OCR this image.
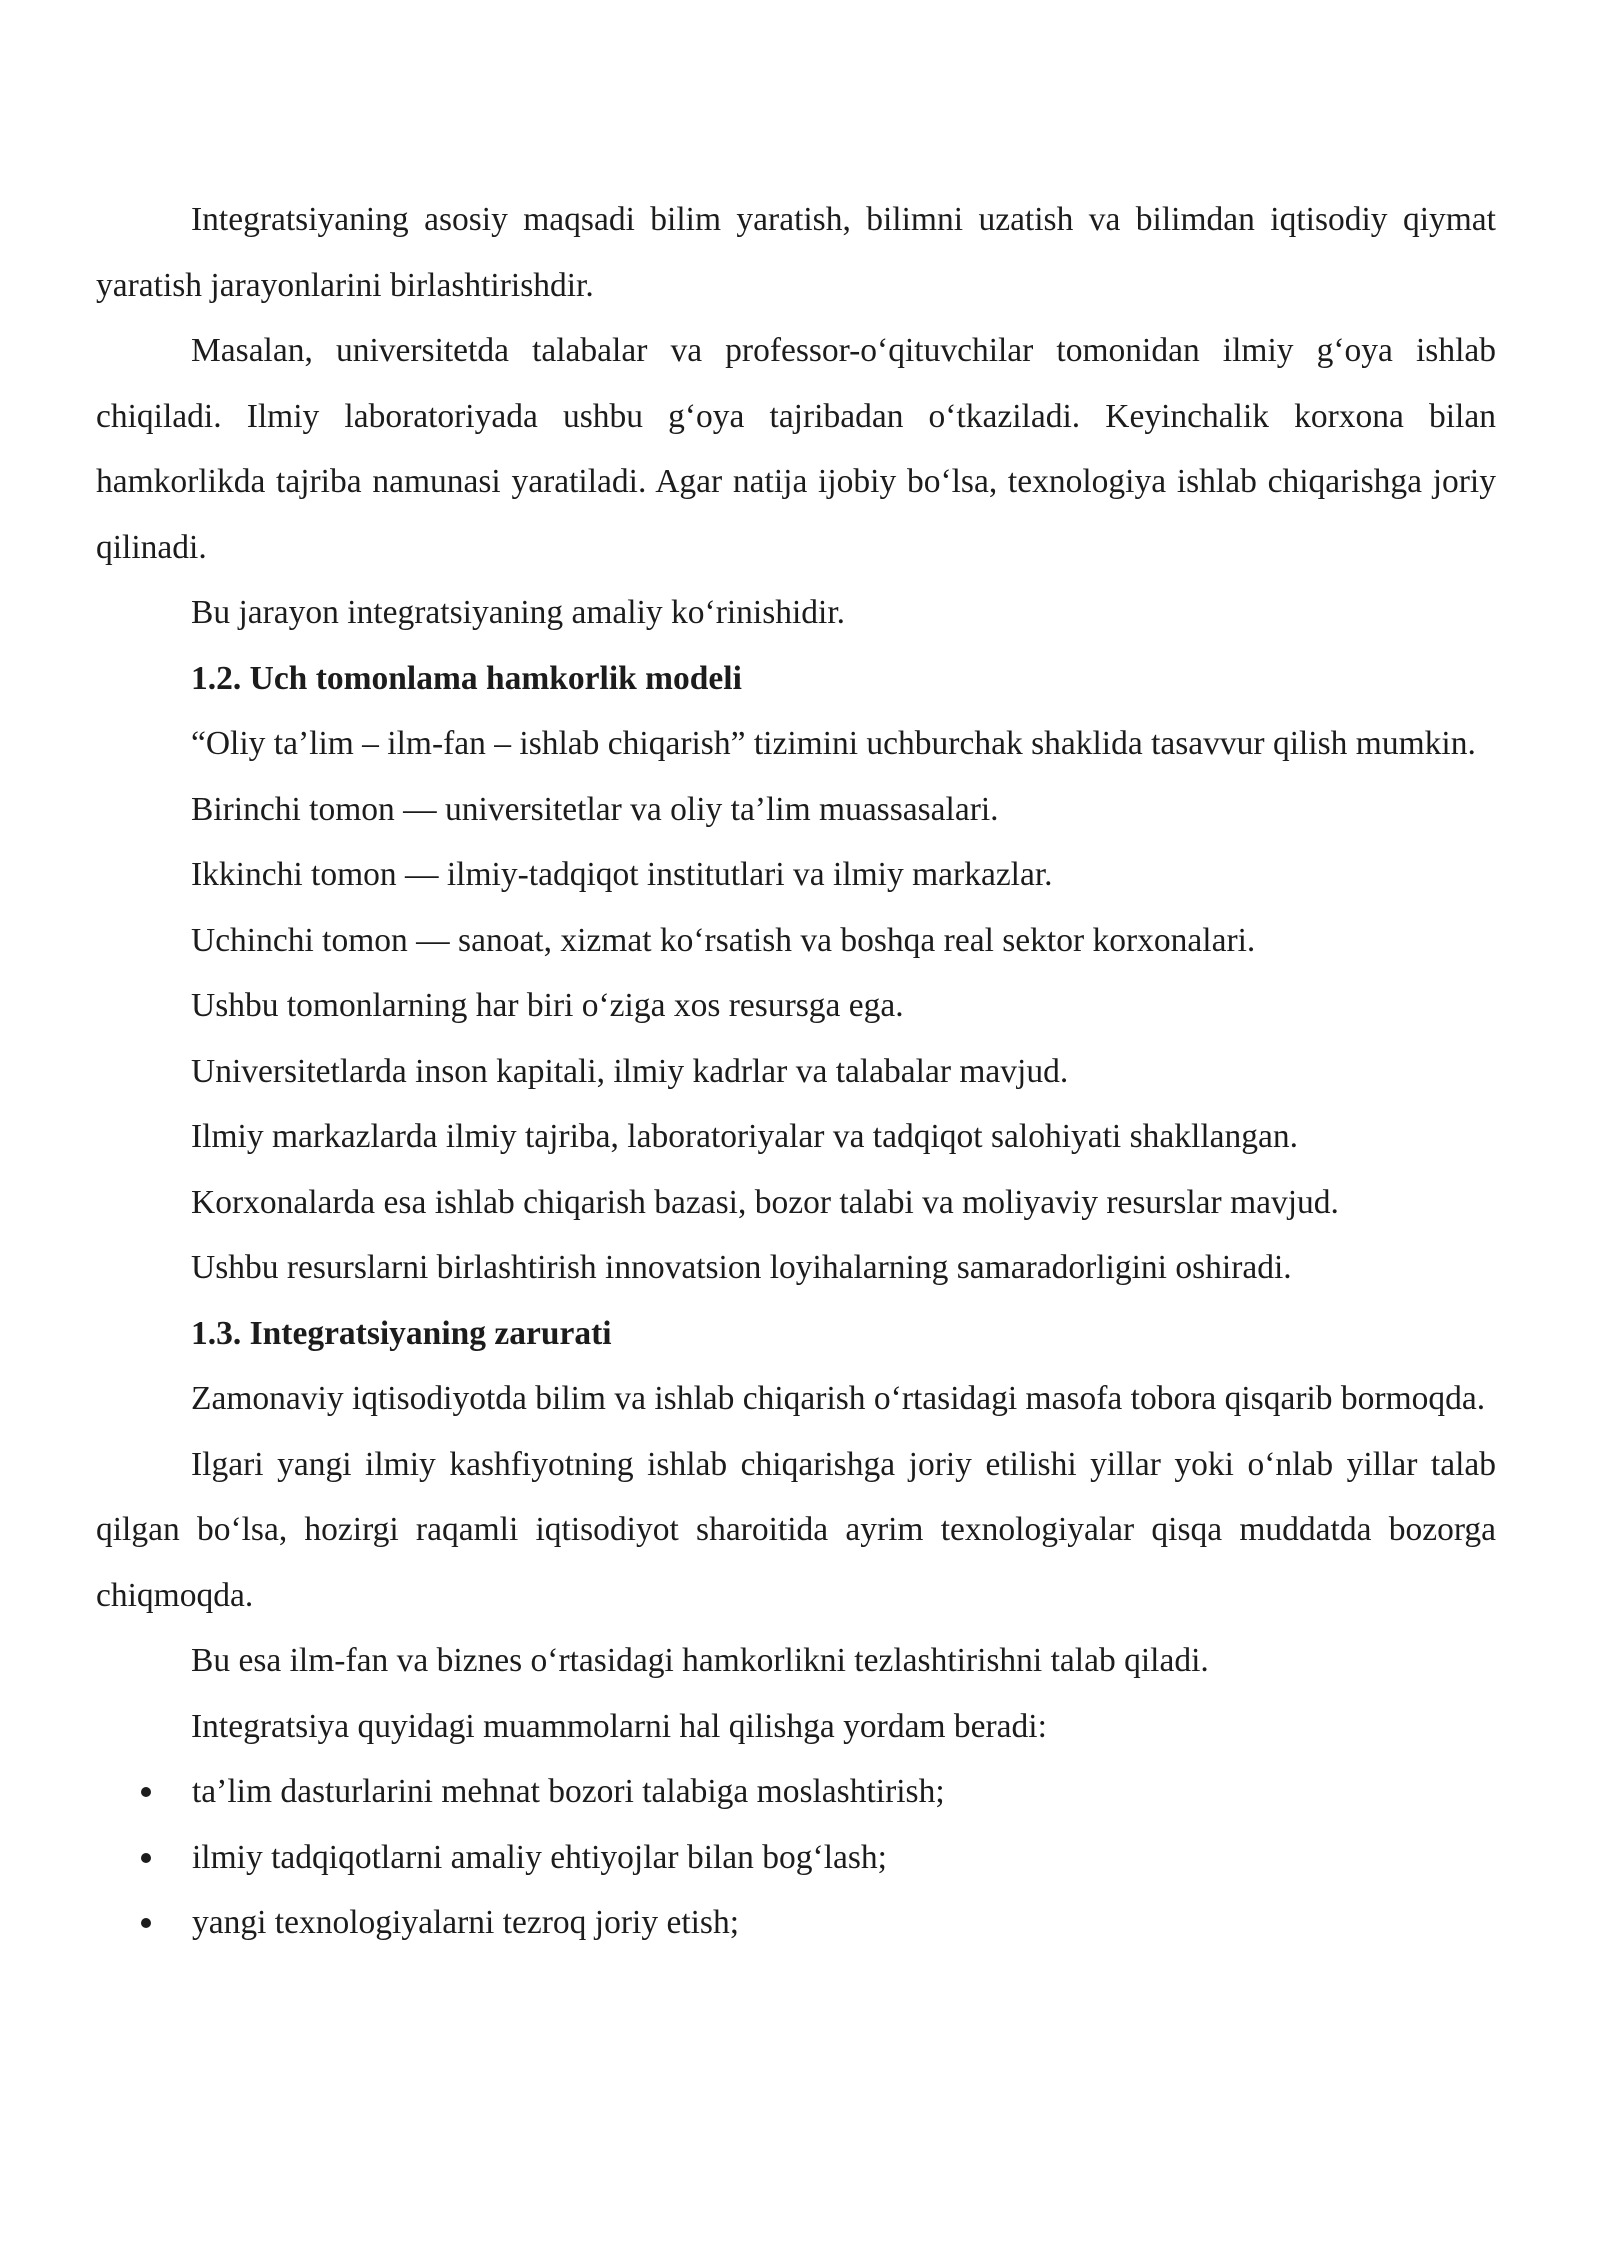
Integratsiyaning asosiy maqsadi bilim yaratish, bilimni uzatish va bilimdan iqtisodiy qiymat yaratish jarayonlarini birlashtirishdir.

Masalan, universitetda talabalar va professor-o‘qituvchilar tomonidan ilmiy g‘oya ishlab chiqiladi. Ilmiy laboratoriyada ushbu g‘oya tajribadan o‘tkaziladi. Keyinchalik korxona bilan hamkorlikda tajriba namunasi yaratiladi. Agar natija ijobiy bo‘lsa, texnologiya ishlab chiqarishga joriy qilinadi.

Bu jarayon integratsiyaning amaliy ko‘rinishidir.

1.2. Uch tomonlama hamkorlik modeli

“Oliy ta’lim – ilm-fan – ishlab chiqarish” tizimini uchburchak shaklida tasavvur qilish mumkin.

Birinchi tomon — universitetlar va oliy ta’lim muassasalari.

Ikkinchi tomon — ilmiy-tadqiqot institutlari va ilmiy markazlar.

Uchinchi tomon — sanoat, xizmat ko‘rsatish va boshqa real sektor korxonalari.

Ushbu tomonlarning har biri o‘ziga xos resursga ega.

Universitetlarda inson kapitali, ilmiy kadrlar va talabalar mavjud.

Ilmiy markazlarda ilmiy tajriba, laboratoriyalar va tadqiqot salohiyati shakllangan.

Korxonalarda esa ishlab chiqarish bazasi, bozor talabi va moliyaviy resurslar mavjud.

Ushbu resurslarni birlashtirish innovatsion loyihalarning samaradorligini oshiradi.

1.3. Integratsiyaning zarurati

Zamonaviy iqtisodiyotda bilim va ishlab chiqarish o‘rtasidagi masofa tobora qisqarib bormoqda.

Ilgari yangi ilmiy kashfiyotning ishlab chiqarishga joriy etilishi yillar yoki o‘nlab yillar talab qilgan bo‘lsa, hozirgi raqamli iqtisodiyot sharoitida ayrim texnologiyalar qisqa muddatda bozorga chiqmoqda.

Bu esa ilm-fan va biznes o‘rtasidagi hamkorlikni tezlashtirishni talab qiladi.

Integratsiya quyidagi muammolarni hal qilishga yordam beradi:

ta’lim dasturlarini mehnat bozori talabiga moslashtirish;
ilmiy tadqiqotlarni amaliy ehtiyojlar bilan bog‘lash;
yangi texnologiyalarni tezroq joriy etish;
